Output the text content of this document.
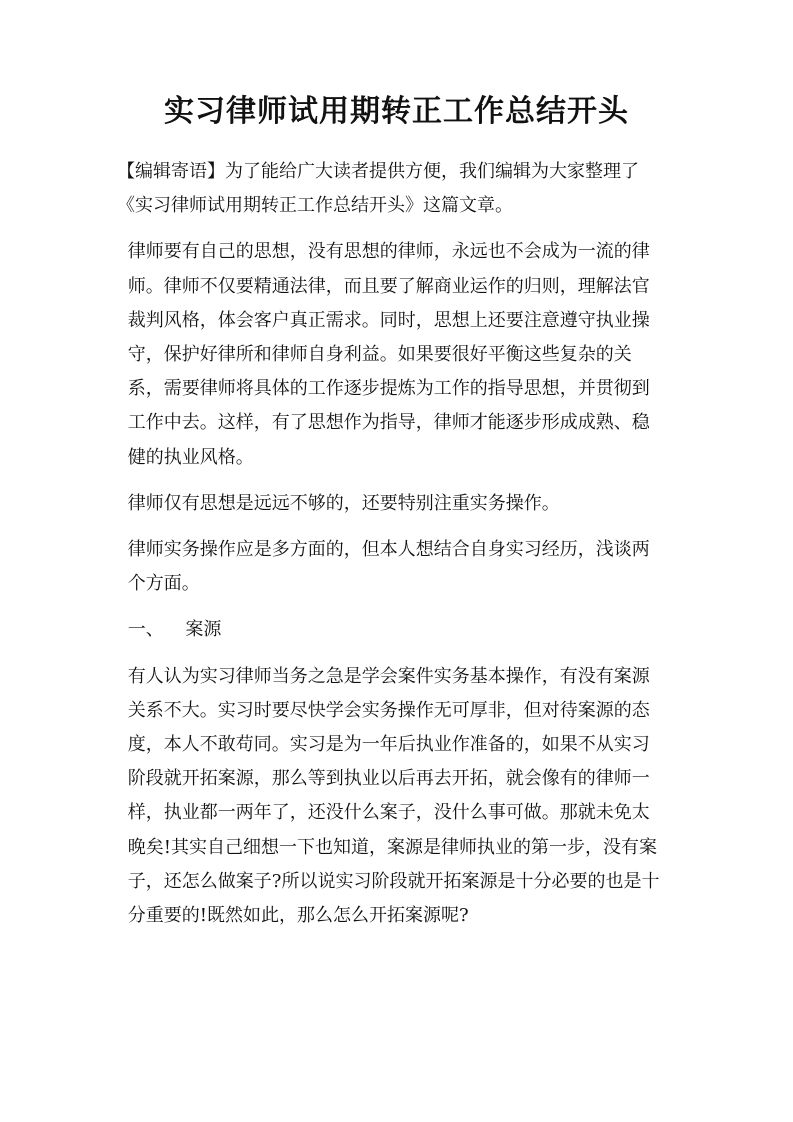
实习律师试用期转正工作总结开头

【编辑寄语】为了能给广大读者提供方便，我们编辑为大家整理了
《实习律师试用期转正工作总结开头》这篇文章。

律师要有自己的思想，没有思想的律师，永远也不会成为一流的律
师。律师不仅要精通法律，而且要了解商业运作的归则，理解法官
裁判风格，体会客户真正需求。同时，思想上还要注意遵守执业操
守，保护好律所和律师自身利益。如果要很好平衡这些复杂的关
系，需要律师将具体的工作逐步提炼为工作的指导思想，并贯彻到
工作中去。这样，有了思想作为指导，律师才能逐步形成成熟、稳
健的执业风格。

律师仅有思想是远远不够的，还要特别注重实务操作。

律师实务操作应是多方面的，但本人想结合自身实习经历，浅谈两
个方面。

一、 案源

有人认为实习律师当务之急是学会案件实务基本操作，有没有案源
关系不大。实习时要尽快学会实务操作无可厚非，但对待案源的态
度，本人不敢苟同。实习是为一年后执业作准备的，如果不从实习
阶段就开拓案源，那么等到执业以后再去开拓，就会像有的律师一
样，执业都一两年了，还没什么案子，没什么事可做。那就未免太
晚矣!其实自己细想一下也知道，案源是律师执业的第一步，没有案
子，还怎么做案子?所以说实习阶段就开拓案源是十分必要的也是十
分重要的!既然如此，那么怎么开拓案源呢?
